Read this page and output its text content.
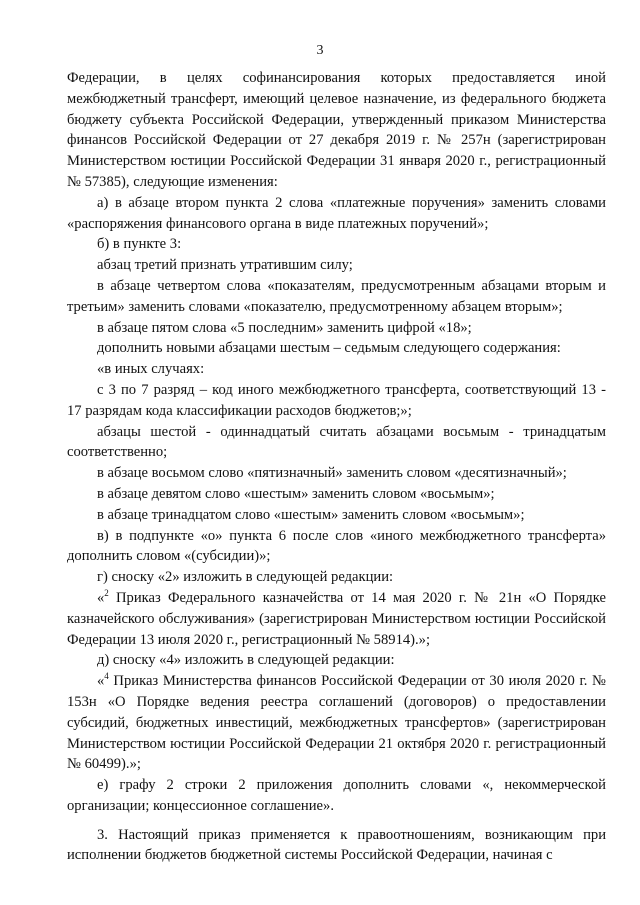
3

Федерации, в целях софинансирования которых предоставляется иной межбюджетный трансферт, имеющий целевое назначение, из федерального бюджета бюджету субъекта Российской Федерации, утвержденный приказом Министерства финансов Российской Федерации от 27 декабря 2019 г. № 257н (зарегистрирован Министерством юстиции Российской Федерации 31 января 2020 г., регистрационный № 57385), следующие изменения:

а) в абзаце втором пункта 2 слова «платежные поручения» заменить словами «распоряжения финансового органа в виде платежных поручений»;

б) в пункте 3:

абзац третий признать утратившим силу;

в абзаце четвертом слова «показателям, предусмотренным абзацами вторым и третьим» заменить словами «показателю, предусмотренному абзацем вторым»;

в абзаце пятом слова «5 последним» заменить цифрой «18»;

дополнить новыми абзацами шестым – седьмым следующего содержания:

«в иных случаях:

с 3 по 7 разряд – код иного межбюджетного трансферта, соответствующий 13 - 17 разрядам кода классификации расходов бюджетов;»;

абзацы шестой - одиннадцатый считать абзацами восьмым - тринадцатым соответственно;

в абзаце восьмом слово «пятизначный» заменить словом «десятизначный»;

в абзаце девятом слово «шестым» заменить словом «восьмым»;

в абзаце тринадцатом слово «шестым» заменить словом «восьмым»;

в) в подпункте «о» пункта 6 после слов «иного межбюджетного трансферта» дополнить словом «(субсидии)»;

г) сноску «2» изложить в следующей редакции:

«$^2$ Приказ Федерального казначейства от 14 мая 2020 г. № 21н «О Порядке казначейского обслуживания» (зарегистрирован Министерством юстиции Российской Федерации 13 июля 2020 г., регистрационный № 58914).»;

д) сноску «4» изложить в следующей редакции:

«$^4$ Приказ Министерства финансов Российской Федерации от 30 июля 2020 г. № 153н «О Порядке ведения реестра соглашений (договоров) о предоставлении субсидий, бюджетных инвестиций, межбюджетных трансфертов» (зарегистрирован Министерством юстиции Российской Федерации 21 октября 2020 г. регистрационный № 60499).»;

е) графу 2 строки 2 приложения дополнить словами «, некоммерческой организации; концессионное соглашение».

3. Настоящий приказ применяется к правоотношениям, возникающим при исполнении бюджетов бюджетной системы Российской Федерации, начиная с
